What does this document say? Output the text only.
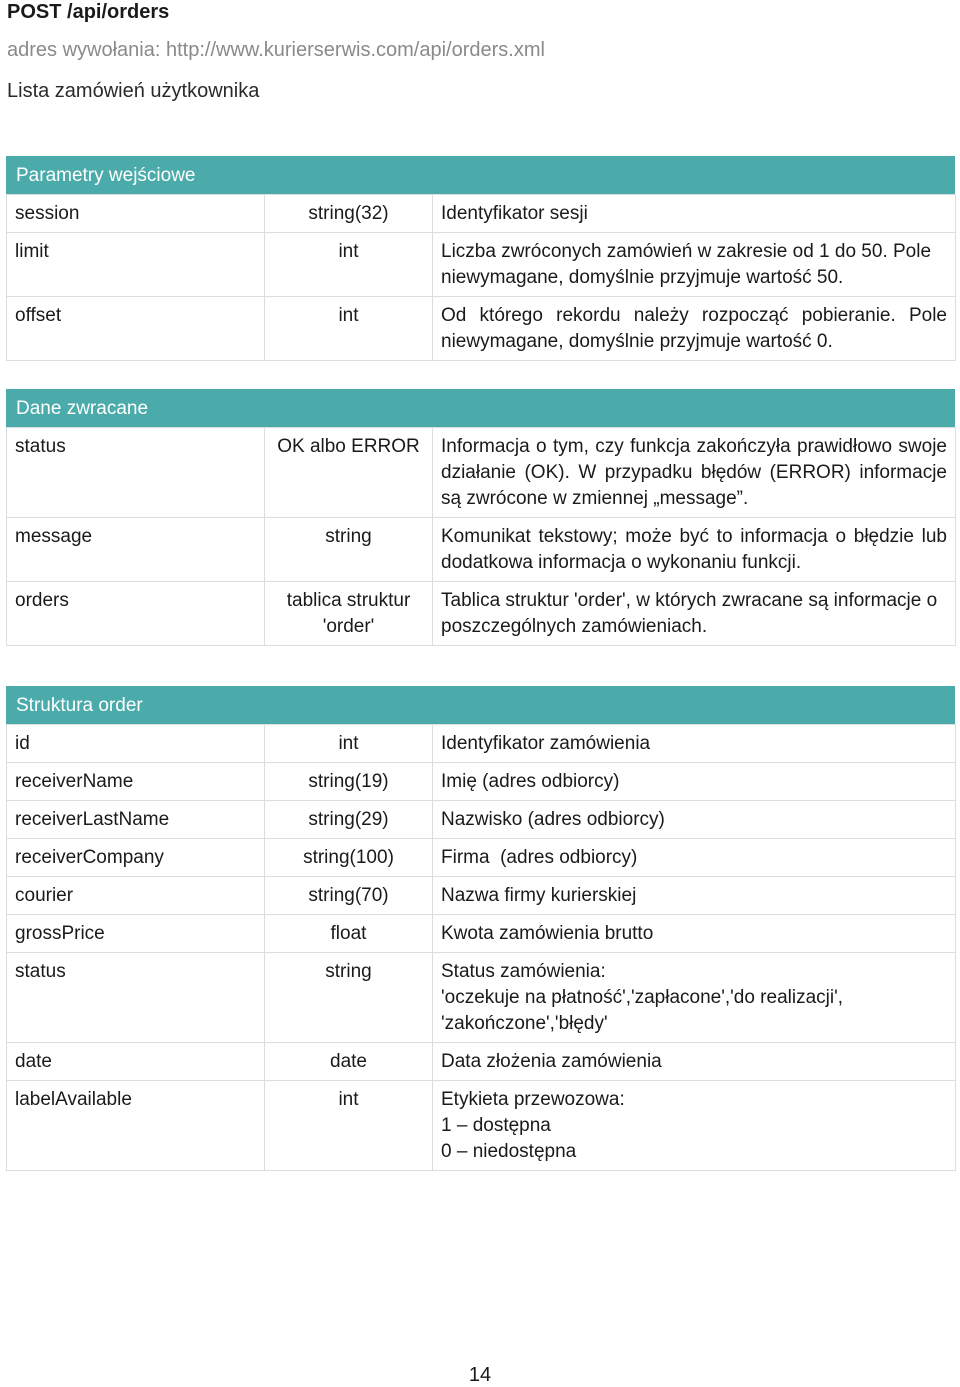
POST /api/orders
adres wywołania: http://www.kurierserwis.com/api/orders.xml
Lista zamówień użytkownika
Parametry wejściowe
session	string(32)	Identyfikator sesji
limit	int	Liczba zwróconych zamówień w zakresie od 1 do 50. Pole niewymagane, domyślnie przyjmuje wartość 50.
offset	int	Od którego rekordu należy rozpocząć pobieranie. Pole niewymagane, domyślnie przyjmuje wartość 0.
Dane zwracane
status	OK albo ERROR	Informacja o tym, czy funkcja zakończyła prawidłowo swoje działanie (OK). W przypadku błędów (ERROR) informacje są zwrócone w zmiennej „message”.
message	string	Komunikat tekstowy; może być to informacja o błędzie lub dodatkowa informacja o wykonaniu funkcji.
orders	tablica struktur 'order'	Tablica struktur 'order', w których zwracane są informacje o poszczególnych zamówieniach.
Struktura order
id	int	Identyfikator zamówienia
receiverName	string(19)	Imię (adres odbiorcy)
receiverLastName	string(29)	Nazwisko (adres odbiorcy)
receiverCompany	string(100)	Firma  (adres odbiorcy)
courier	string(70)	Nazwa firmy kurierskiej
grossPrice	float	Kwota zamówienia brutto
status	string	Status zamówienia:
'oczekuje na płatność','zapłacone','do realizacji',
'zakończone','błędy'

date	date	Data złożenia zamówienia
labelAvailable	int	Etykieta przewozowa:
1 – dostępna
0 – niedostępna
14
